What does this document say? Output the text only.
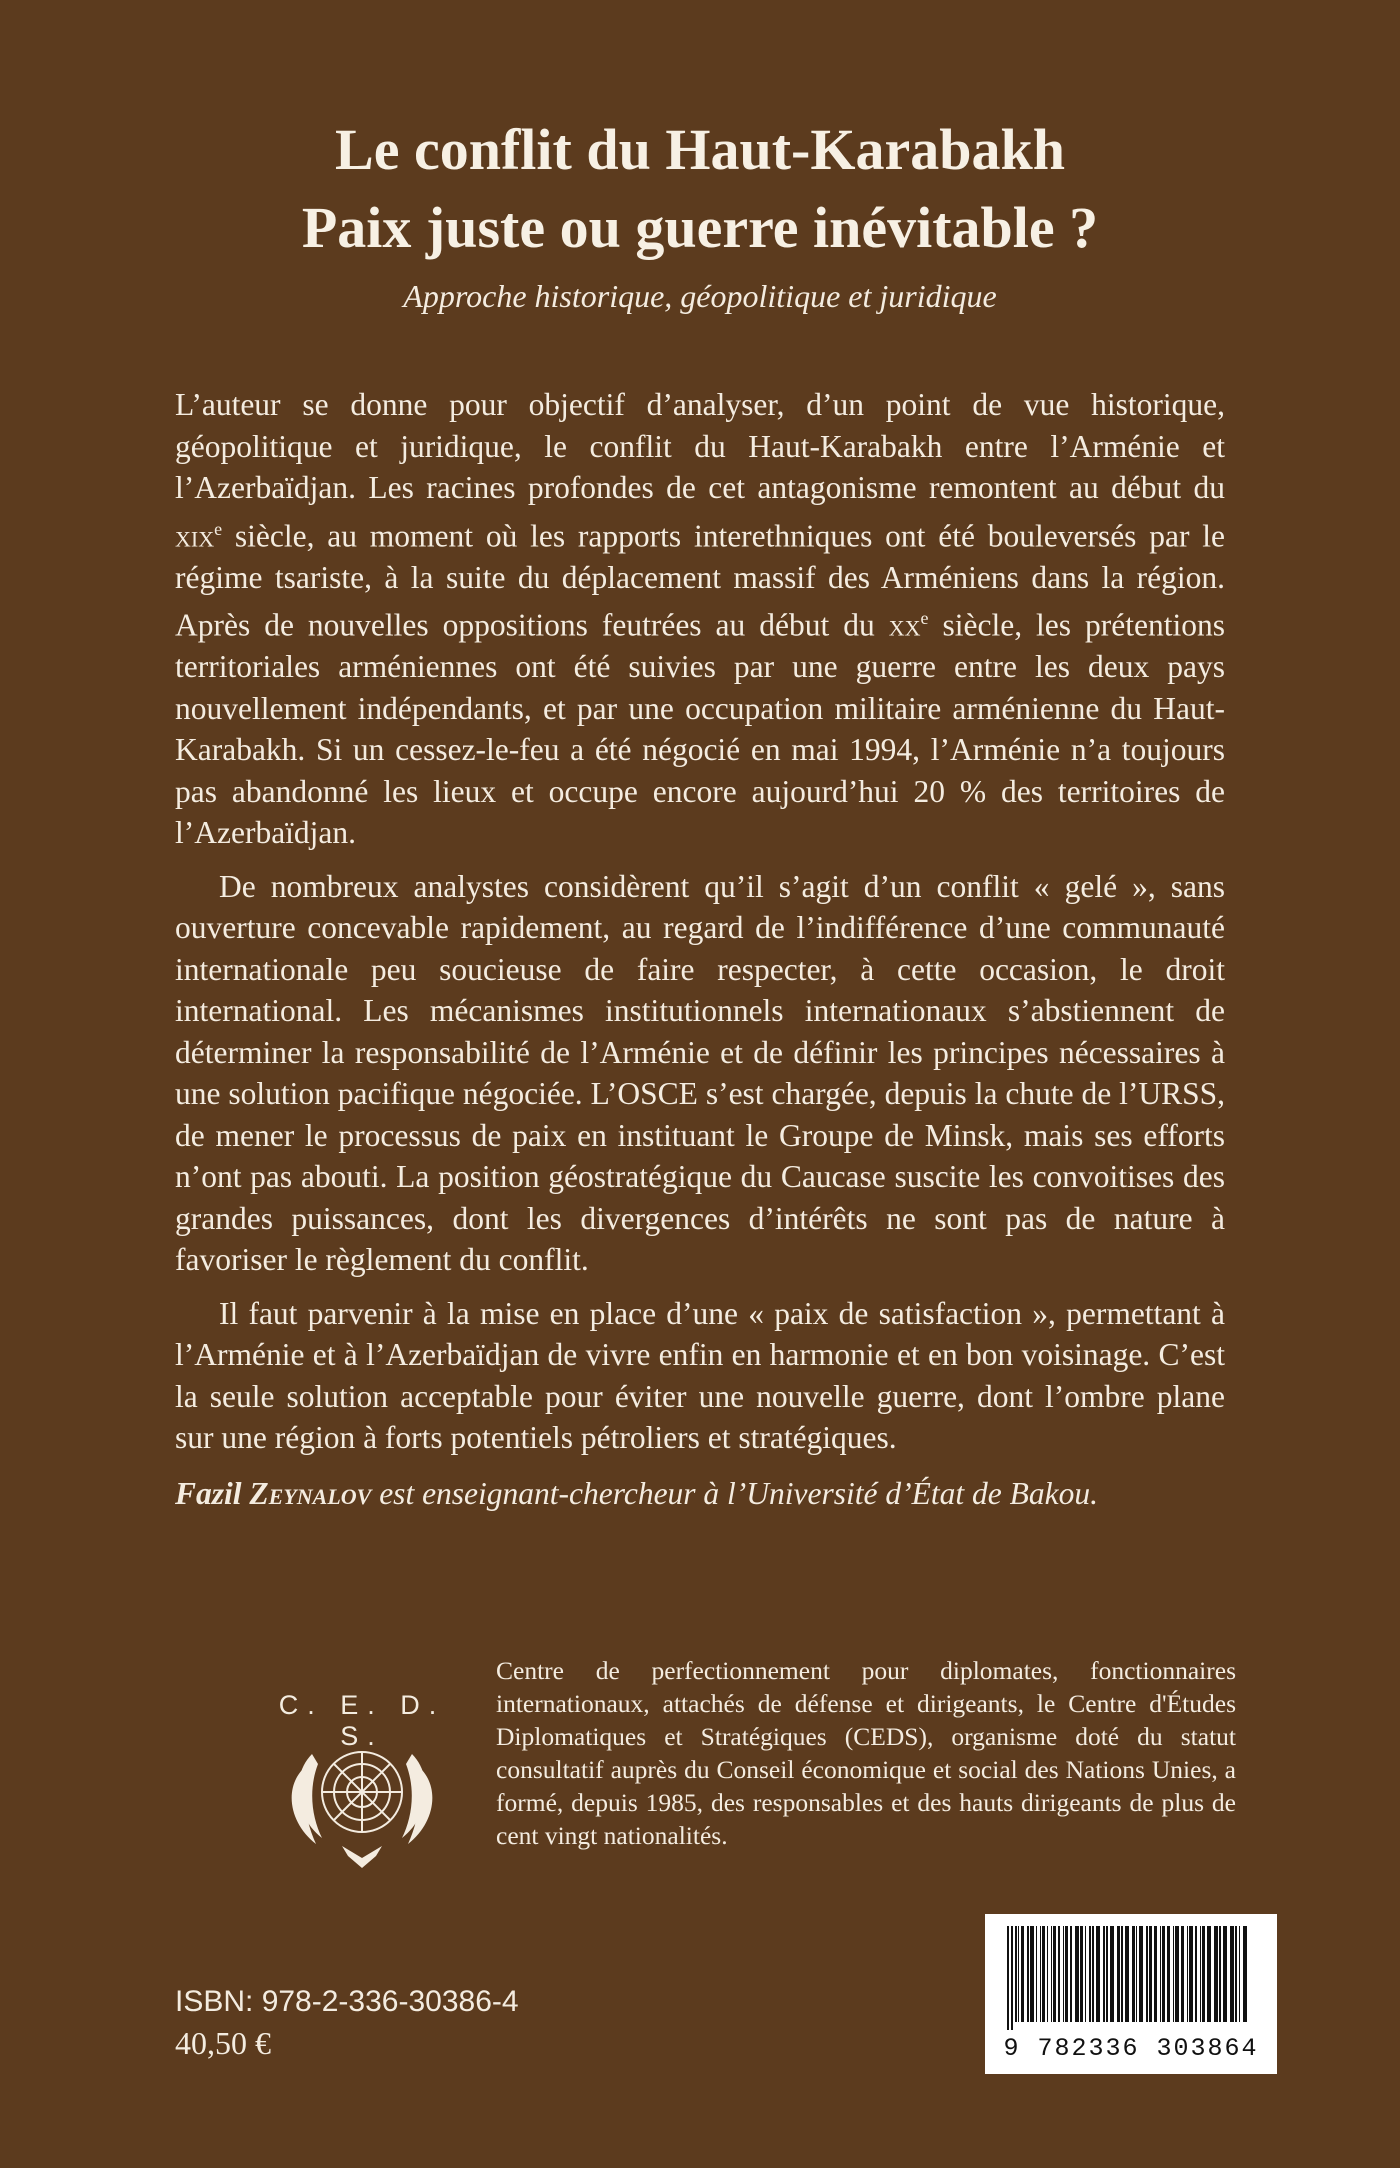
Le conflit du Haut-Karabakh
Paix juste ou guerre inévitable ?

Approche historique, géopolitique et juridique

L’auteur se donne pour objectif d’analyser, d’un point de vue historique, géopolitique et juridique, le conflit du Haut-Karabakh entre l’Arménie et l’Azerbaïdjan. Les racines profondes de cet antagonisme remontent au début du xix$^e$ siècle, au moment où les rapports interethniques ont été bouleversés par le régime tsariste, à la suite du déplacement massif des Arméniens dans la région. Après de nouvelles oppositions feutrées au début du $xx^e$ siècle, les prétentions territoriales arméniennes ont été suivies par une guerre entre les deux pays nouvellement indépendants, et par une occupation militaire arménienne du Haut-Karabakh. Si un cessez-le-feu a été négocié en mai 1994, l’Arménie n’a toujours pas abandonné les lieux et occupe encore aujourd’hui 20 % des territoires de l’Azerbaïdjan.

De nombreux analystes considèrent qu’il s’agit d’un conflit « gelé », sans ouverture concevable rapidement, au regard de l’indifférence d’une communauté internationale peu soucieuse de faire respecter, à cette occasion, le droit international. Les mécanismes institutionnels internationaux s’abstiennent de déterminer la responsabilité de l’Arménie et de définir les principes nécessaires à une solution pacifique négociée. L’OSCE s’est chargée, depuis la chute de l’URSS, de mener le processus de paix en instituant le Groupe de Minsk, mais ses efforts n’ont pas abouti. La position géostratégique du Caucase suscite les convoitises des grandes puissances, dont les divergences d’intérêts ne sont pas de nature à favoriser le règlement du conflit.

Il faut parvenir à la mise en place d’une « paix de satisfaction », permettant à l’Arménie et à l’Azerbaïdjan de vivre enfin en harmonie et en bon voisinage. C’est la seule solution acceptable pour éviter une nouvelle guerre, dont l’ombre plane sur une région à forts potentiels pétroliers et stratégiques.

Fazil Zeynalov est enseignant-chercheur à l’Université d’État de Bakou.

C. E. D. S.

Centre de perfectionnement pour diplomates, fonctionnaires internationaux, attachés de défense et dirigeants, le Centre d'Études Diplomatiques et Stratégiques (CEDS), organisme doté du statut consultatif auprès du Conseil économique et social des Nations Unies, a formé, depuis 1985, des responsables et des hauts dirigeants de plus de cent vingt nationalités.

ISBN: 978-2-336-30386-4

40,50 €	9 782336 303864
